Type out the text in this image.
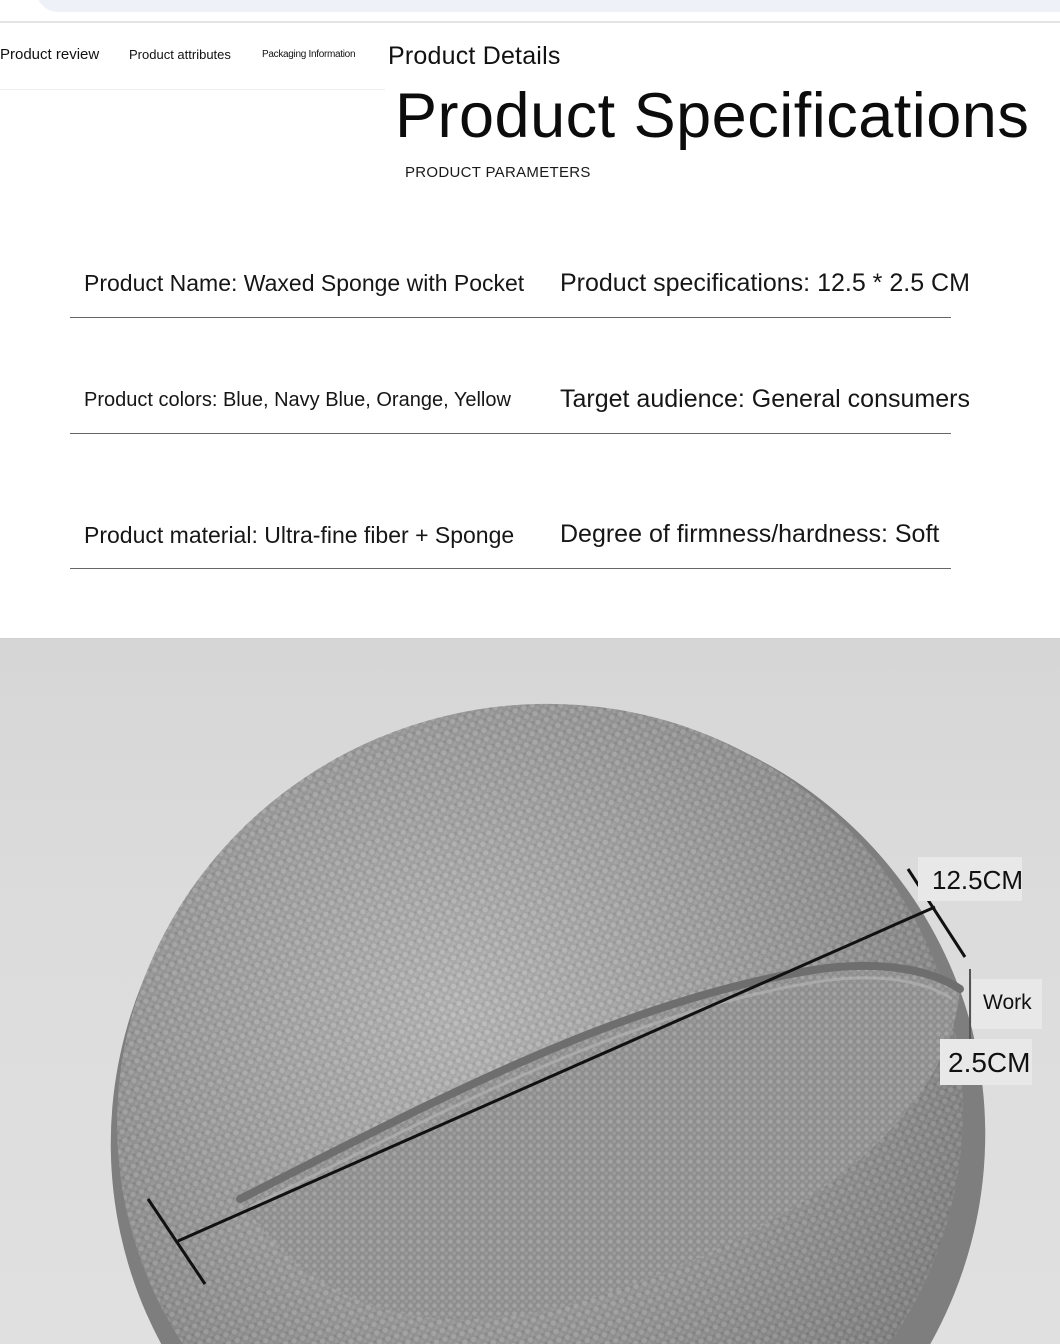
Product review Product attributes	Packaging Information Product Details
Product Specifications
PRODUCT PARAMETERS
Product Name: Waxed Sponge with Pocket Product specifications: 12.5 * 2.5 CM
Product colors: Blue, Navy Blue, Orange, Yellow Target audience: General consumers
Product material: Ultra-fine fiber + Sponge Degree of firmness/hardness: Soft
12.5CM
Work
2.5CM
